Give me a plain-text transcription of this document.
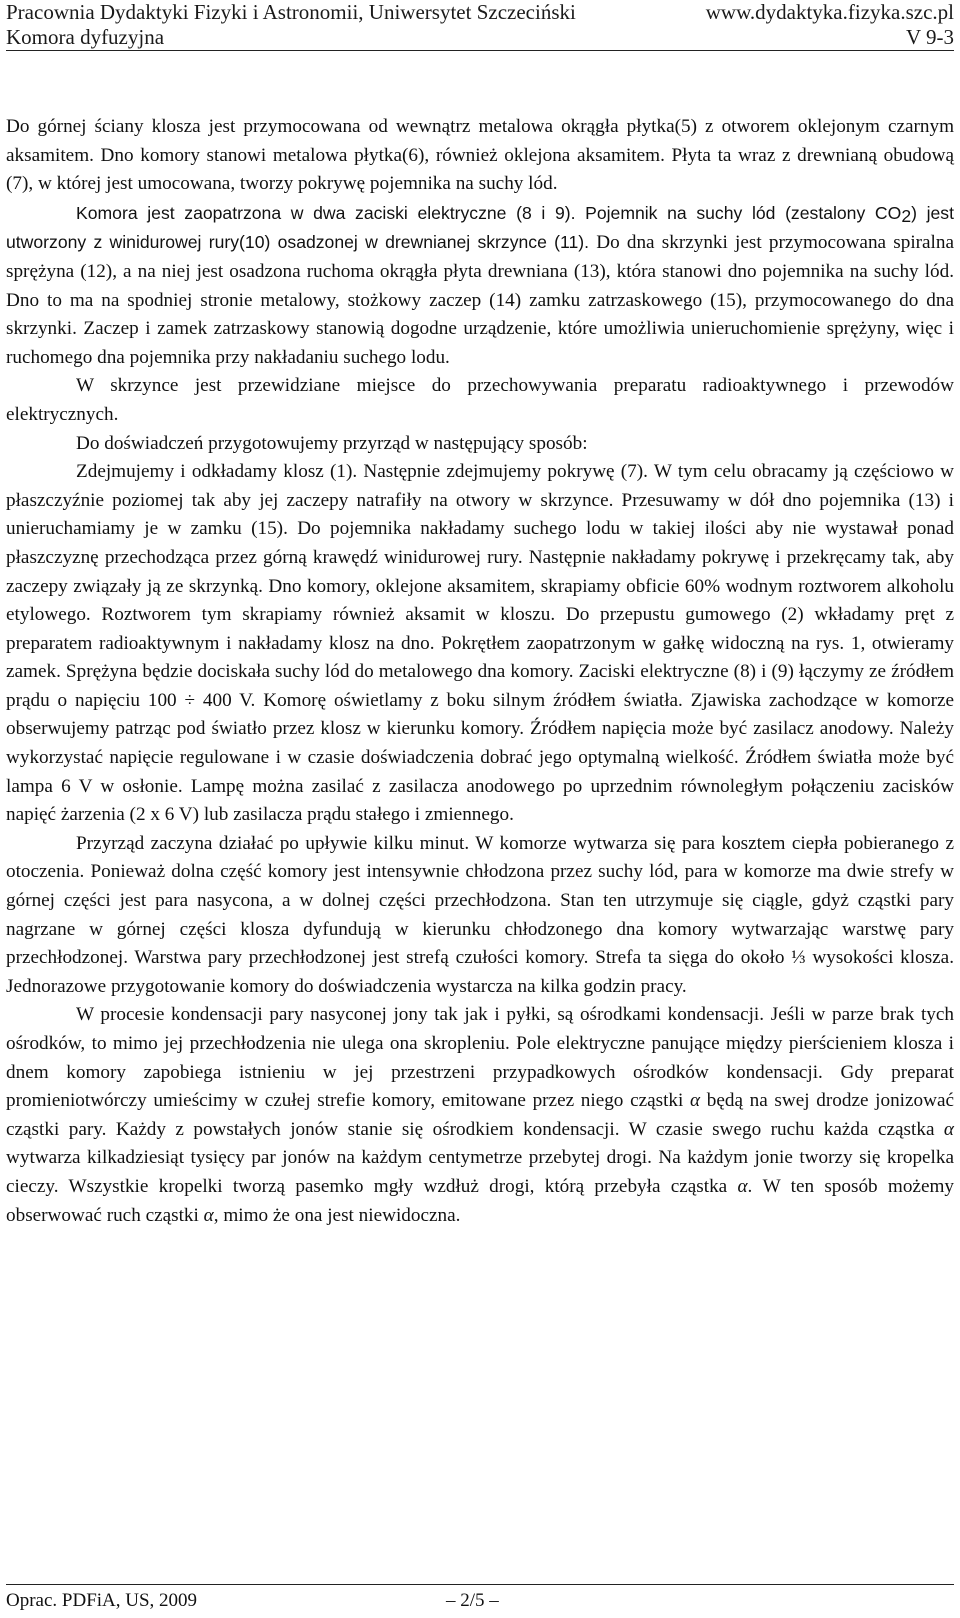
Pracownia Dydaktyki Fizyki i Astronomii, Uniwersytet Szczeciński	www.dydaktyka.fizyka.szc.pl
Komora dyfuzyjna	V 9-3

Do górnej ściany klosza jest przymocowana od wewnątrz metalowa okrągła płytka(5) z otworem oklejonym czarnym aksamitem. Dno komory stanowi metalowa płytka(6), również oklejona aksamitem. Płyta ta wraz z drewnianą obudową (7), w której jest umocowana, tworzy pokrywę pojemnika na suchy lód.

Komora jest zaopatrzona w dwa zaciski elektryczne (8 i 9). Pojemnik na suchy lód (zestalony $CO_2$) jest utworzony z winidurowej rury(10) osadzonej w drewnianej skrzynce (11). Do dna skrzynki jest przymocowana spiralna sprężyna (12), a na niej jest osadzona ruchoma okrągła płyta drewniana (13), która stanowi dno pojemnika na suchy lód. Dno to ma na spodniej stronie metalowy, stożkowy zaczep (14) zamku zatrzaskowego (15), przymocowanego do dna skrzynki. Zaczep i zamek zatrzaskowy stanowią dogodne urządzenie, które umożliwia unieruchomienie sprężyny, więc i ruchomego dna pojemnika przy nakładaniu suchego lodu.

W skrzynce jest przewidziane miejsce do przechowywania preparatu radioaktywnego i przewodów elektrycznych.

Do doświadczeń przygotowujemy przyrząd w następujący sposób:

Zdejmujemy i odkładamy klosz (1). Następnie zdejmujemy pokrywę (7). W tym celu obracamy ją częściowo w płaszczyźnie poziomej tak aby jej zaczepy natrafiły na otwory w skrzynce. Przesuwamy w dół dno pojemnika (13) i unieruchamiamy je w zamku (15). Do pojemnika nakładamy suchego lodu w takiej ilości aby nie wystawał ponad płaszczyznę przechodząca przez górną krawędź winidurowej rury. Następnie nakładamy pokrywę i przekręcamy tak, aby zaczepy związały ją ze skrzynką. Dno komory, oklejone aksamitem, skrapiamy obficie 60% wodnym roztworem alkoholu etylowego. Roztworem tym skrapiamy również aksamit w kloszu. Do przepustu gumowego (2) wkładamy pręt z preparatem radioaktywnym i nakładamy klosz na dno. Pokrętłem zaopatrzonym w gałkę widoczną na rys. 1, otwieramy zamek. Sprężyna będzie dociskała suchy lód do metalowego dna komory. Zaciski elektryczne (8) i (9) łączymy ze źródłem prądu o napięciu 100 ÷ 400 V. Komorę oświetlamy z boku silnym źródłem światła. Zjawiska zachodzące w komorze obserwujemy patrząc pod światło przez klosz w kierunku komory. Źródłem napięcia może być zasilacz anodowy. Należy wykorzystać napięcie regulowane i w czasie doświadczenia dobrać jego optymalną wielkość. Źródłem światła może być lampa 6 V w osłonie. Lampę można zasilać z zasilacza anodowego po uprzednim równoległym połączeniu zacisków napięć żarzenia (2 x 6 V) lub zasilacza prądu stałego i zmiennego.

Przyrząd zaczyna działać po upływie kilku minut. W komorze wytwarza się para kosztem ciepła pobieranego z otoczenia. Ponieważ dolna część komory jest intensywnie chłodzona przez suchy lód, para w komorze ma dwie strefy w górnej części jest para nasycona, a w dolnej części przechłodzona. Stan ten utrzymuje się ciągle, gdyż cząstki pary nagrzane w górnej części klosza dyfundują w kierunku chłodzonego dna komory wytwarzając warstwę pary przechłodzonej. Warstwa pary przechłodzonej jest strefą czułości komory. Strefa ta sięga do około ⅓ wysokości klosza. Jednorazowe przygotowanie komory do doświadczenia wystarcza na kilka godzin pracy.

W procesie kondensacji pary nasyconej jony tak jak i pyłki, są ośrodkami kondensacji. Jeśli w parze brak tych ośrodków, to mimo jej przechłodzenia nie ulega ona skropleniu. Pole elektryczne panujące między pierścieniem klosza i dnem komory zapobiega istnieniu w jej przestrzeni przypadkowych ośrodków kondensacji. Gdy preparat promieniotwórczy umieścimy w czułej strefie komory, emitowane przez niego cząstki α będą na swej drodze jonizować cząstki pary. Każdy z powstałych jonów stanie się ośrodkiem kondensacji. W czasie swego ruchu każda cząstka α wytwarza kilkadziesiąt tysięcy par jonów na każdym centymetrze przebytej drogi. Na każdym jonie tworzy się kropelka cieczy. Wszystkie kropelki tworzą pasemko mgły wzdłuż drogi, którą przebyła cząstka α. W ten sposób możemy obserwować ruch cząstki α, mimo że ona jest niewidoczna.

Oprac. PDFiA, US, 2009	– 2/5 –
